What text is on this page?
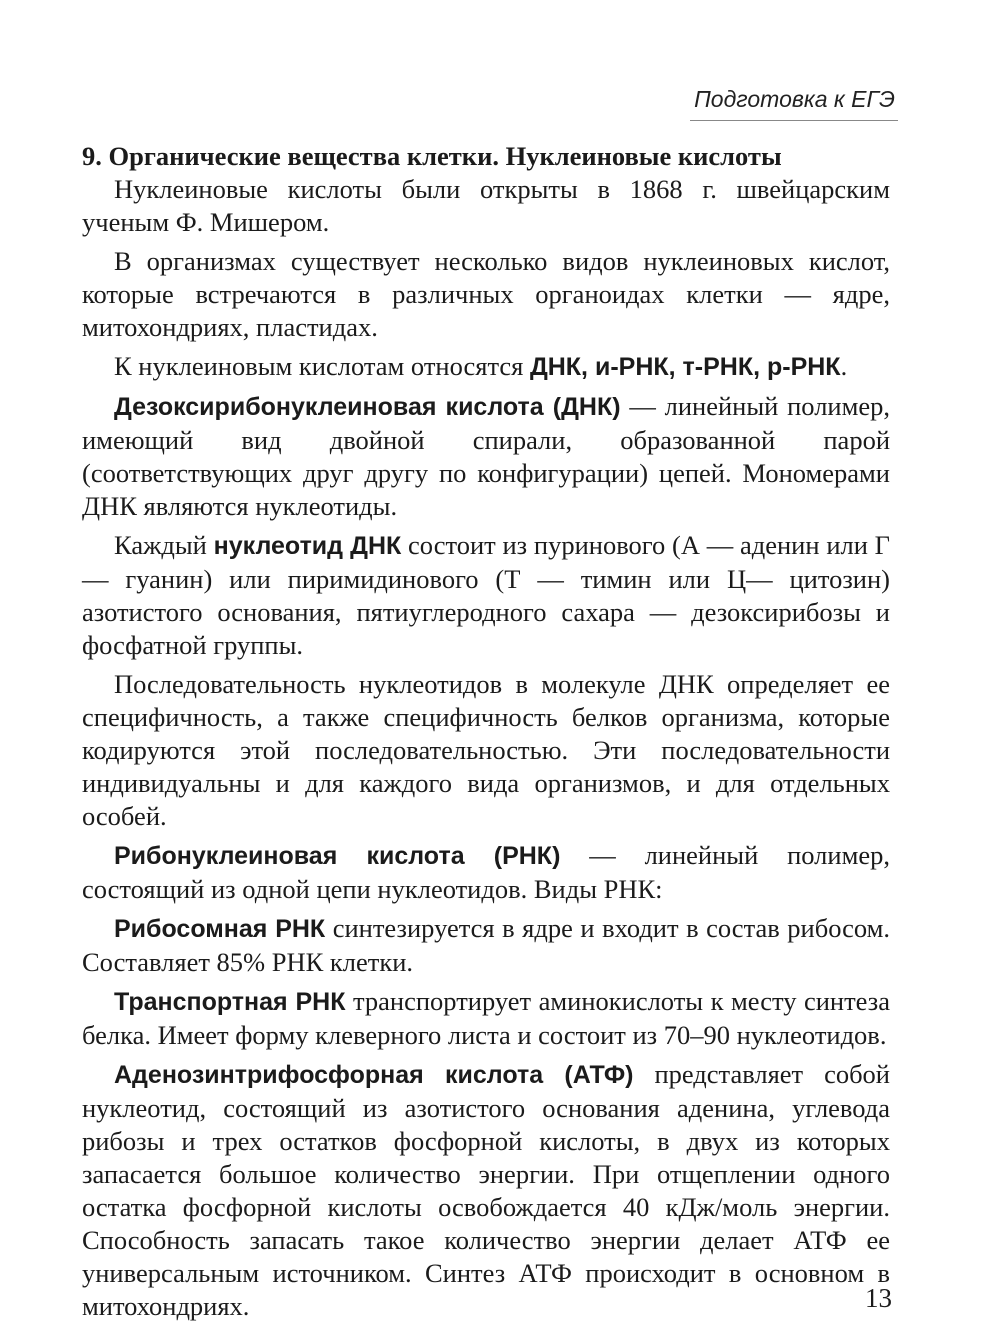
Подготовка к ЕГЭ
9. Органические вещества клетки. Нуклеиновые кислоты

Нуклеиновые кислоты были открыты в 1868 г. швейцарским ученым Ф. Мишером.

В организмах существует несколько видов нуклеиновых кислот, которые встречаются в различных органоидах клетки — ядре, митохондриях, пластидах.

К нуклеиновым кислотам относятся ДНК, и-РНК, т-РНК, р-РНК.

Дезоксирибонуклеиновая кислота (ДНК) — линейный полимер, имеющий вид двойной спирали, образованной парой (соответствующих друг другу по конфигурации) цепей. Мономерами ДНК являются нуклеотиды.

Каждый нуклеотид ДНК состоит из пуринового (А — аденин или Г — гуанин) или пиримидинового (Т — тимин или Ц— цитозин) азотистого основания, пятиуглеродного сахара — дезоксирибозы и фосфатной группы.

Последовательность нуклеотидов в молекуле ДНК определяет ее специфичность, а также специфичность белков организма, которые кодируются этой последовательностью. Эти последовательности индивидуальны и для каждого вида организмов, и для отдельных особей.

Рибонуклеиновая кислота (РНК) — линейный полимер, состоящий из одной цепи нуклеотидов. Виды РНК:

Рибосомная РНК синтезируется в ядре и входит в состав рибосом. Составляет 85% РНК клетки.

Транспортная РНК транспортирует аминокислоты к месту синтеза белка. Имеет форму клеверного листа и состоит из 70–90 нуклеотидов.

Аденозинтрифосфорная кислота (АТФ) представляет собой нуклеотид, состоящий из азотистого основания аденина, углевода рибозы и трех остатков фосфорной кислоты, в двух из которых запасается большое количество энергии. При отщеплении одного остатка фосфорной кислоты освобождается 40 кДж/моль энергии. Способность запасать такое количество энергии делает АТФ ее универсальным источником. Синтез АТФ происходит в основном в митохондриях.	13
